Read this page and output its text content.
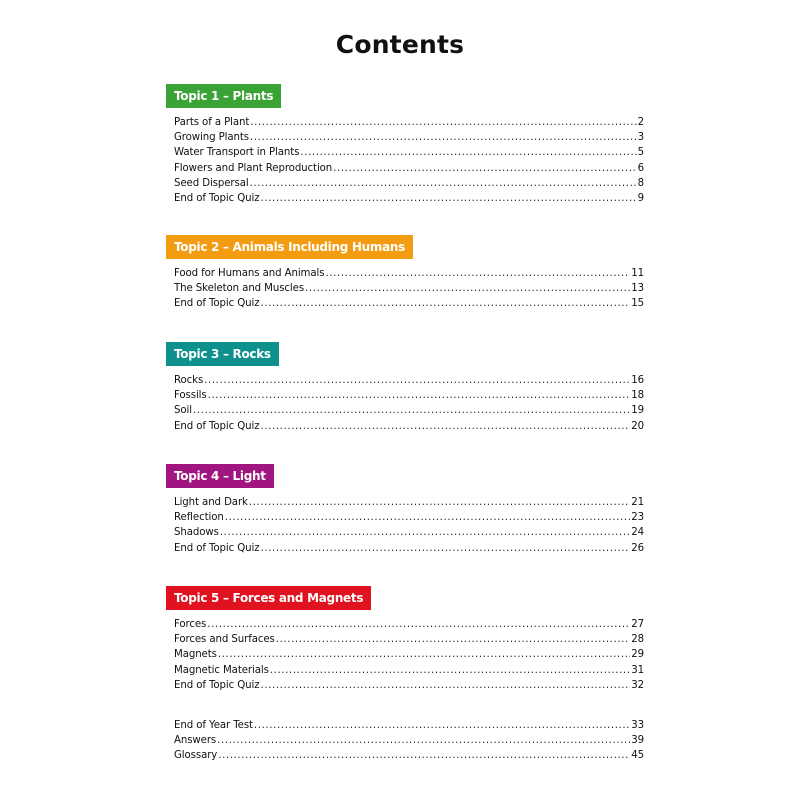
Contents
Topic 1 – Plants
Parts of a Plant .....	2
Growing Plants .....	3
Water Transport in Plants .....	5
Flowers and Plant Reproduction .....	6
Seed Dispersal .....	8
End of Topic Quiz .....	9
Topic 2 – Animals Including Humans
Food for Humans and Animals .....	11
The Skeleton and Muscles .....	13
End of Topic Quiz .....	15
Topic 3 – Rocks
Rocks .....	16
Fossils .....	18
Soil .....	19
End of Topic Quiz .....	20
Topic 4 – Light
Light and Dark .....	21
Reflection .....	23
Shadows .....	24
End of Topic Quiz .....	26
Topic 5 – Forces and Magnets
Forces .....	27
Forces and Surfaces .....	28
Magnets .....	29
Magnetic Materials .....	31
End of Topic Quiz .....	32
End of Year Test .....	33
Answers .....	39
Glossary .....	45
